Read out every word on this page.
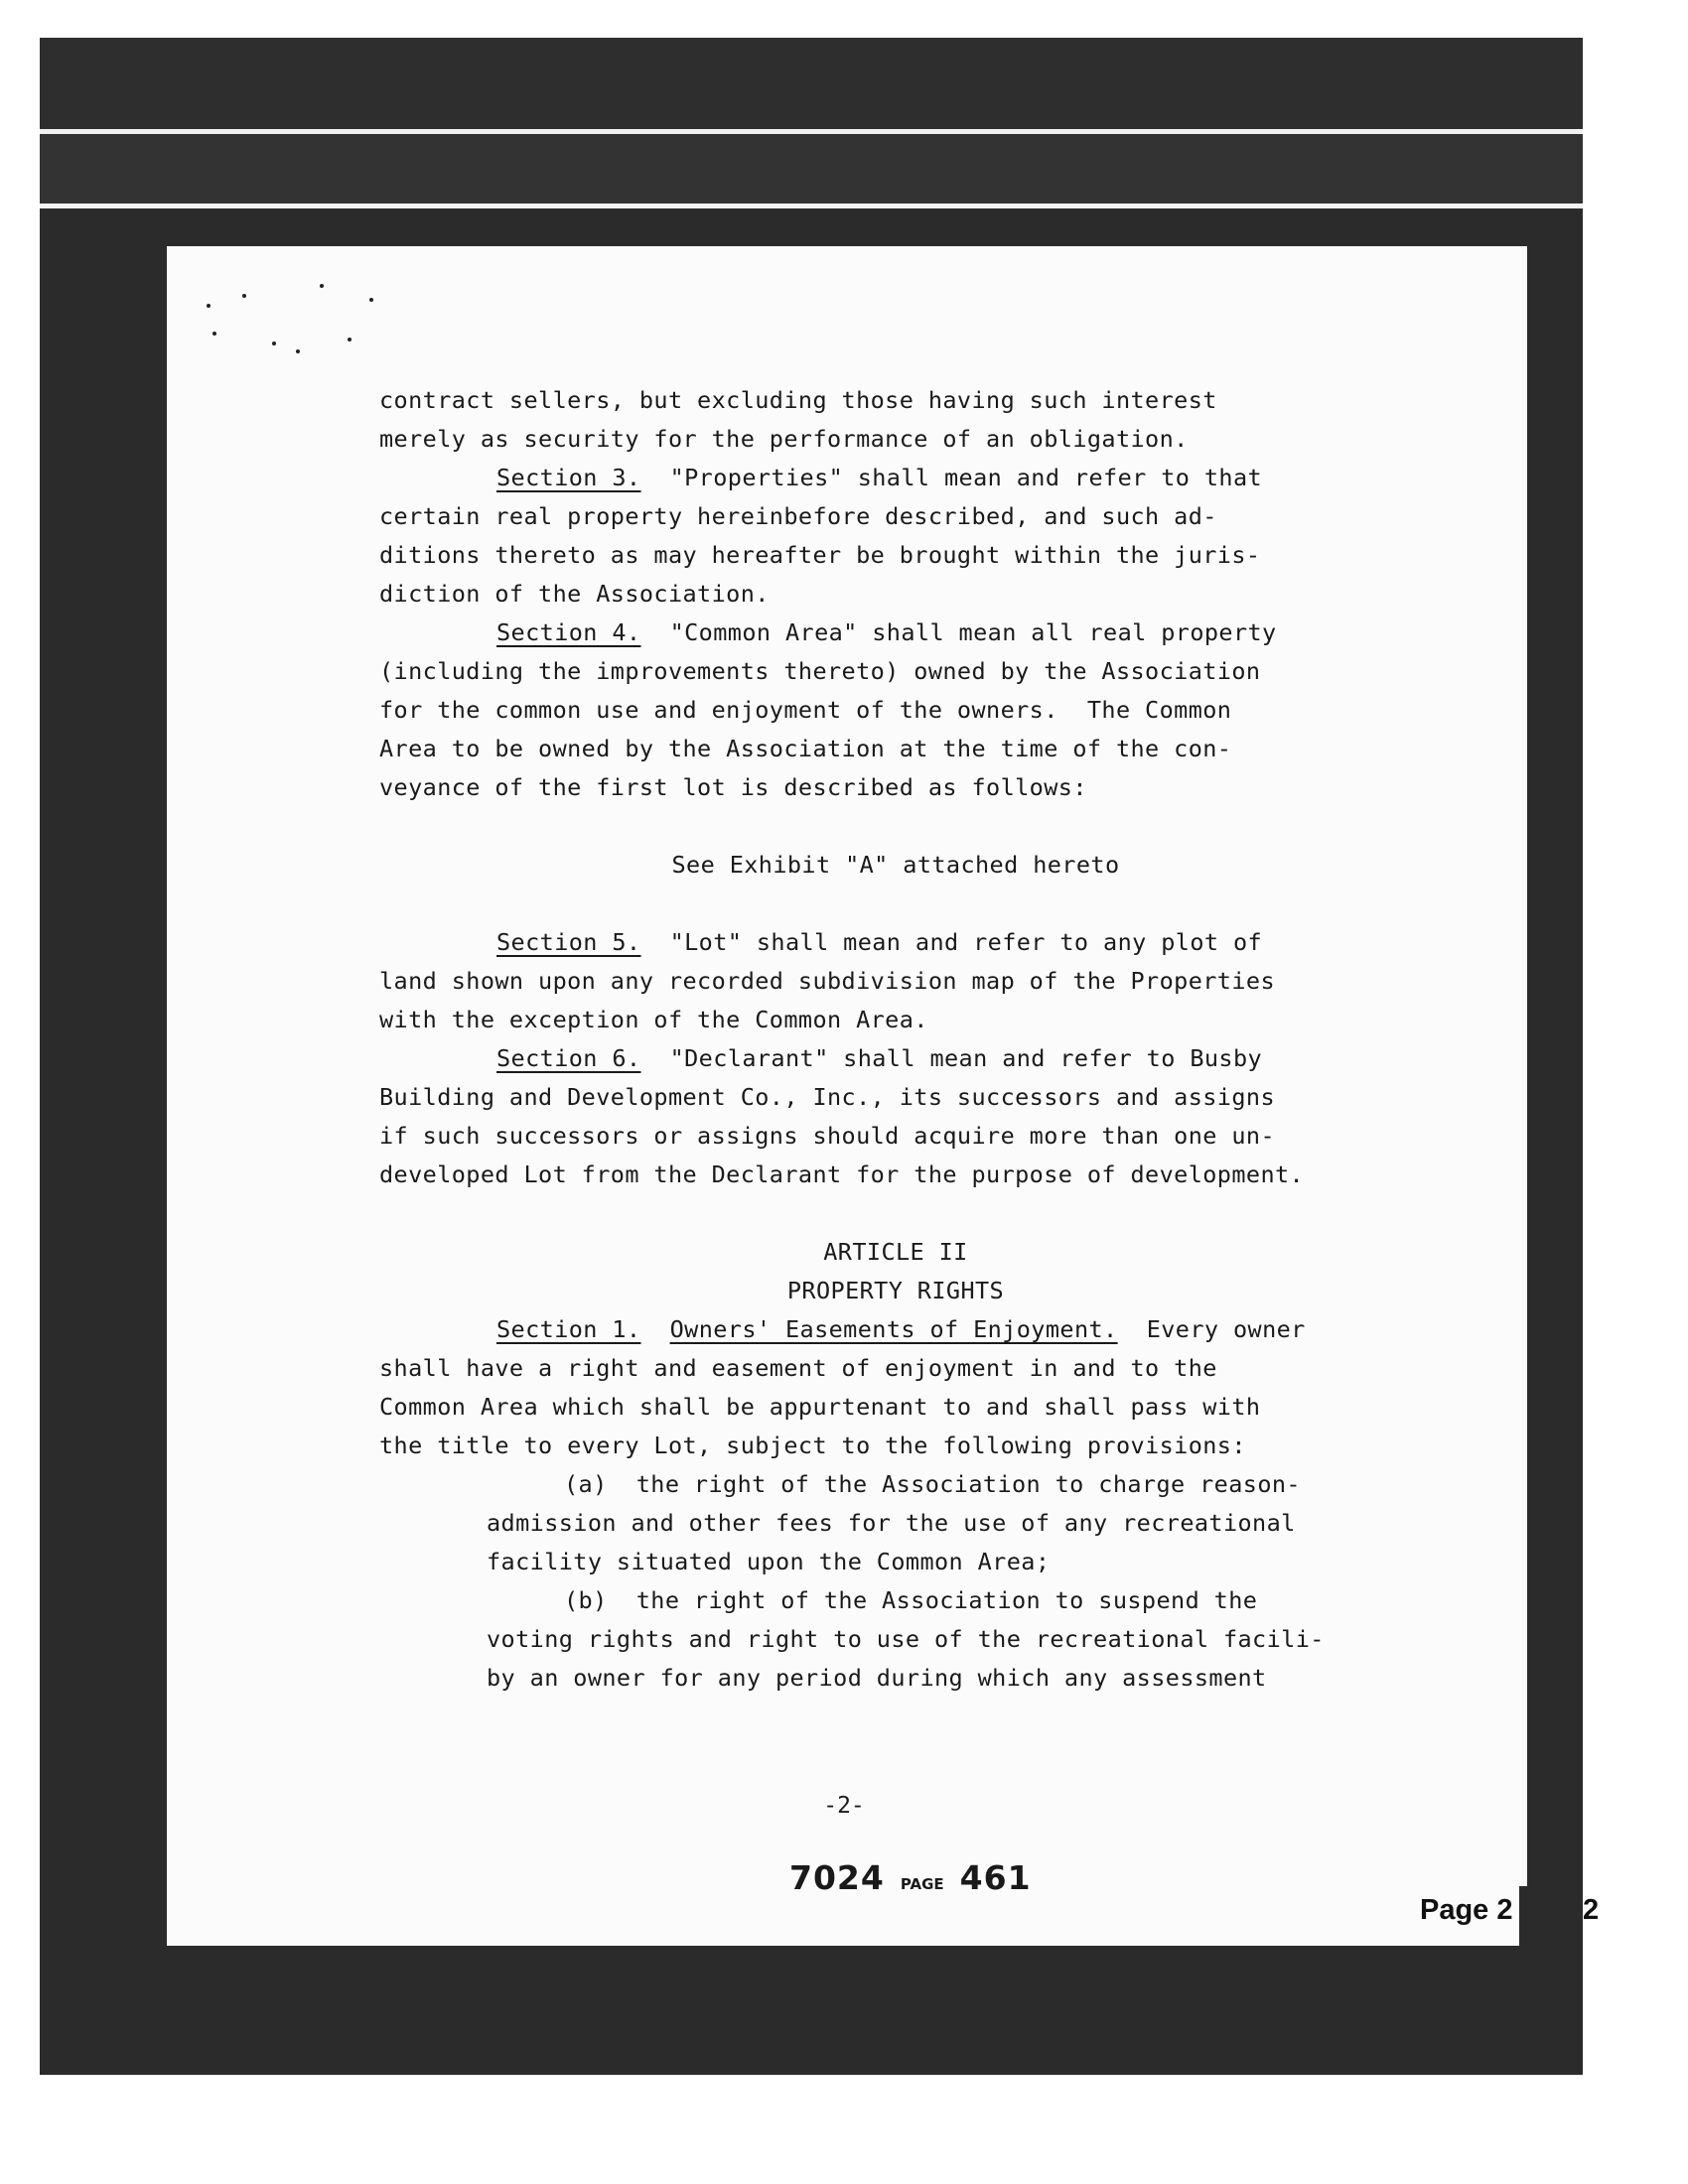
contract sellers, but excluding those having such interest

merely as security for the performance of an obligation.

Section 3.  "Properties" shall mean and refer to that

certain real property hereinbefore described, and such ad-

ditions thereto as may hereafter be brought within the juris-

diction of the Association.

Section 4.  "Common Area" shall mean all real property

(including the improvements thereto) owned by the Association

for the common use and enjoyment of the owners.  The Common

Area to be owned by the Association at the time of the con-

veyance of the first lot is described as follows:

See Exhibit "A" attached hereto

Section 5.  "Lot" shall mean and refer to any plot of

land shown upon any recorded subdivision map of the Properties

with the exception of the Common Area.

Section 6.  "Declarant" shall mean and refer to Busby

Building and Development Co., Inc., its successors and assigns

if such successors or assigns should acquire more than one un-

developed Lot from the Declarant for the purpose of development.

ARTICLE II

PROPERTY RIGHTS

Section 1. Owners' Easements of Enjoyment.  Every owner

shall have a right and easement of enjoyment in and to the

Common Area which shall be appurtenant to and shall pass with

the title to every Lot, subject to the following provisions:

(a)  the right of the Association to charge reason-

admission and other fees for the use of any recreational

facility situated upon the Common Area;

(b)  the right of the Association to suspend the

voting rights and right to use of the recreational facili-

by an owner for any period during which any assessment

-2-
7024 PAGE 461
Page 2 2
